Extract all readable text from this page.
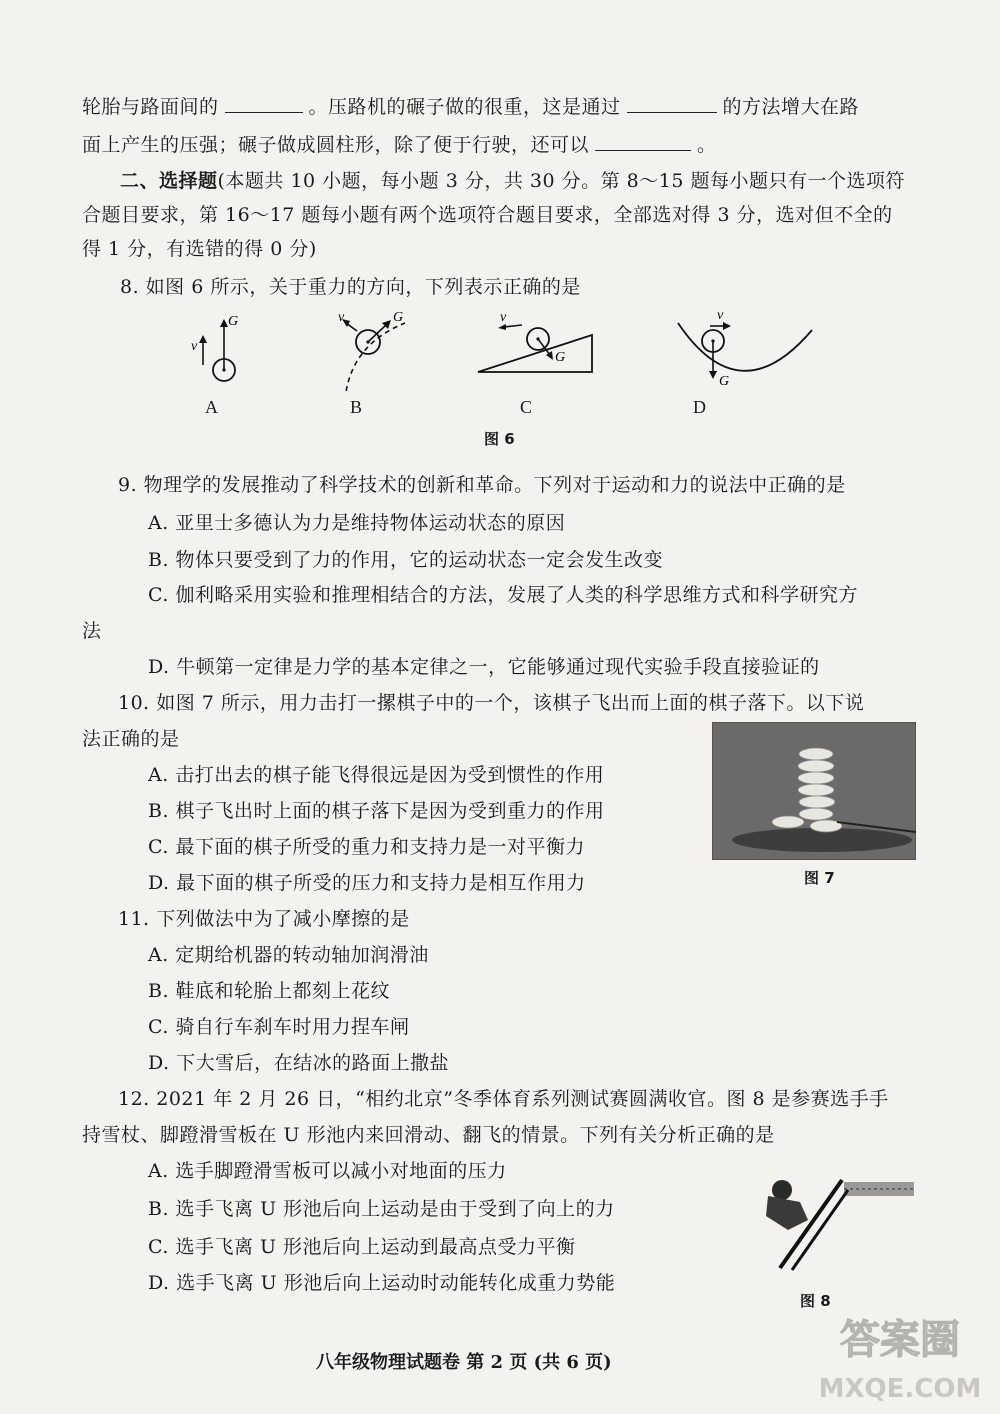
轮胎与路面间的	。压路机的碾子做的很重，这是通过	的方法增大在路
面上产生的压强；碾子做成圆柱形，除了便于行驶，还可以	。
二、选择题(本题共 10 小题，每小题 3 分，共 30 分。第 8～15 题每小题只有一个选项符
合题目要求，第 16～17 题每小题有两个选项符合题目要求，全部选对得 3 分，选对但不全的
得 1 分，有选错的得 0 分)
8. 如图 6 所示，关于重力的方向，下列表示正确的是
G
v
G
v
G
v
G
v
A	B	C	D
图 6
9. 物理学的发展推动了科学技术的创新和革命。下列对于运动和力的说法中正确的是
A. 亚里士多德认为力是维持物体运动状态的原因
B. 物体只要受到了力的作用，它的运动状态一定会发生改变
C. 伽利略采用实验和推理相结合的方法，发展了人类的科学思维方式和科学研究方
法
D. 牛顿第一定律是力学的基本定律之一，它能够通过现代实验手段直接验证的
10. 如图 7 所示，用力击打一摞棋子中的一个，该棋子飞出而上面的棋子落下。以下说
法正确的是
A. 击打出去的棋子能飞得很远是因为受到惯性的作用
B. 棋子飞出时上面的棋子落下是因为受到重力的作用
C. 最下面的棋子所受的重力和支持力是一对平衡力
D. 最下面的棋子所受的压力和支持力是相互作用力	图 7
11. 下列做法中为了减小摩擦的是
A. 定期给机器的转动轴加润滑油
B. 鞋底和轮胎上都刻上花纹
C. 骑自行车刹车时用力捏车闸
D. 下大雪后，在结冰的路面上撒盐
12. 2021 年 2 月 26 日，“相约北京”冬季体育系列测试赛圆满收官。图 8 是参赛选手手
持雪杖、脚蹬滑雪板在 U 形池内来回滑动、翻飞的情景。下列有关分析正确的是
A. 选手脚蹬滑雪板可以减小对地面的压力
B. 选手飞离 U 形池后向上运动是由于受到了向上的力
C. 选手飞离 U 形池后向上运动到最高点受力平衡
D. 选手飞离 U 形池后向上运动时动能转化成重力势能
图 8
八年级物理试题卷 第 2 页 (共 6 页)	答案圈
MXQE.COM
